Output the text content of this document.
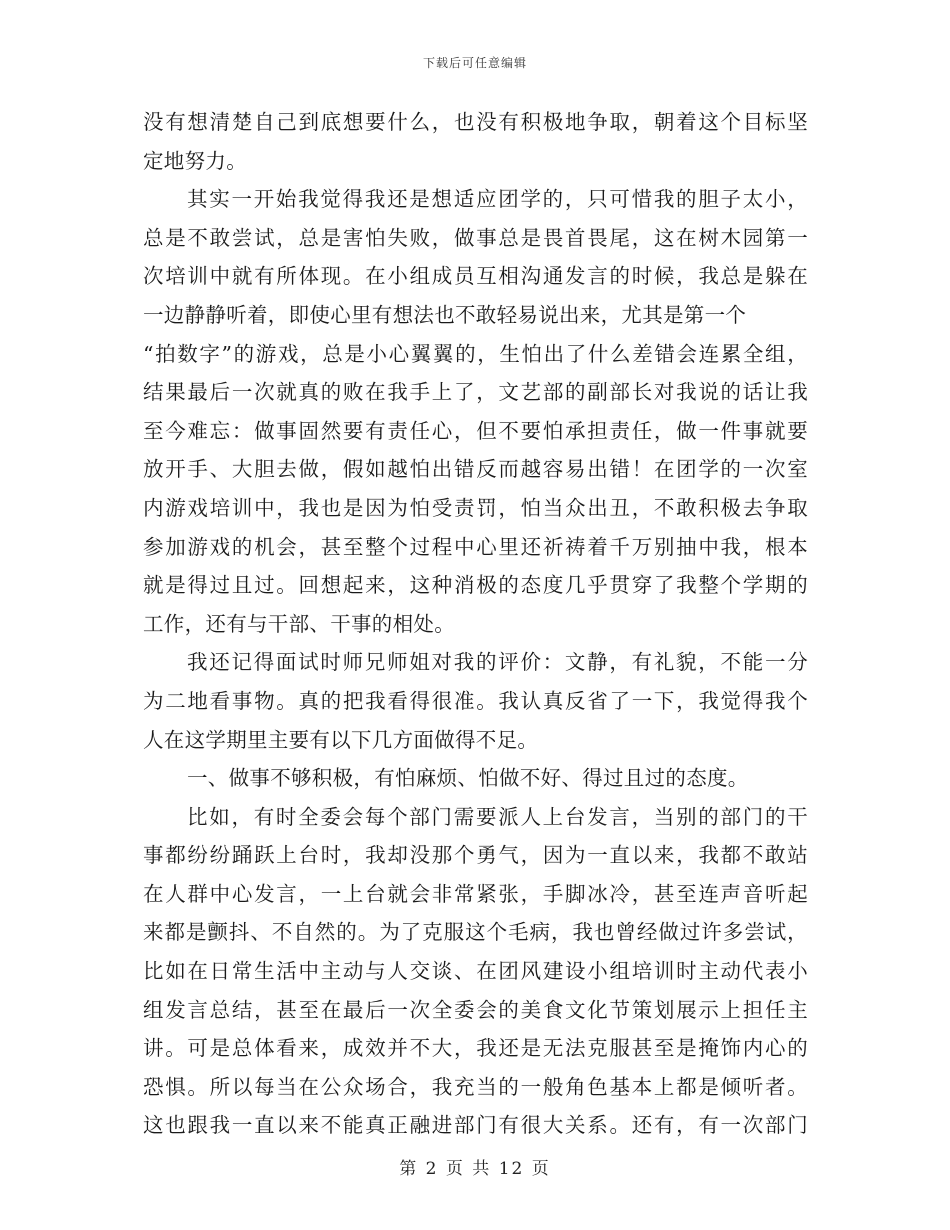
下载后可任意编辑
没有想清楚自己到底想要什么，也没有积极地争取，朝着这个目标坚
定地努力。
其实一开始我觉得我还是想适应团学的，只可惜我的胆子太小，
总是不敢尝试，总是害怕失败，做事总是畏首畏尾，这在树木园第一
次培训中就有所体现。在小组成员互相沟通发言的时候，我总是躲在
一边静静听着，即使心里有想法也不敢轻易说出来，尤其是第一个
“拍数字”的游戏，总是小心翼翼的，生怕出了什么差错会连累全组，
结果最后一次就真的败在我手上了，文艺部的副部长对我说的话让我
至今难忘：做事固然要有责任心，但不要怕承担责任，做一件事就要
放开手、大胆去做，假如越怕出错反而越容易出错！在团学的一次室
内游戏培训中，我也是因为怕受责罚，怕当众出丑，不敢积极去争取
参加游戏的机会，甚至整个过程中心里还祈祷着千万别抽中我，根本
就是得过且过。回想起来，这种消极的态度几乎贯穿了我整个学期的
工作，还有与干部、干事的相处。
我还记得面试时师兄师姐对我的评价：文静，有礼貌，不能一分
为二地看事物。真的把我看得很准。我认真反省了一下，我觉得我个
人在这学期里主要有以下几方面做得不足。
一、做事不够积极，有怕麻烦、怕做不好、得过且过的态度。
比如，有时全委会每个部门需要派人上台发言，当别的部门的干
事都纷纷踊跃上台时，我却没那个勇气，因为一直以来，我都不敢站
在人群中心发言，一上台就会非常紧张，手脚冰冷，甚至连声音听起
来都是颤抖、不自然的。为了克服这个毛病，我也曾经做过许多尝试，
比如在日常生活中主动与人交谈、在团风建设小组培训时主动代表小
组发言总结，甚至在最后一次全委会的美食文化节策划展示上担任主
讲。可是总体看来，成效并不大，我还是无法克服甚至是掩饰内心的
恐惧。所以每当在公众场合，我充当的一般角色基本上都是倾听者。
这也跟我一直以来不能真正融进部门有很大关系。还有，有一次部门
第 2 页 共 12 页
